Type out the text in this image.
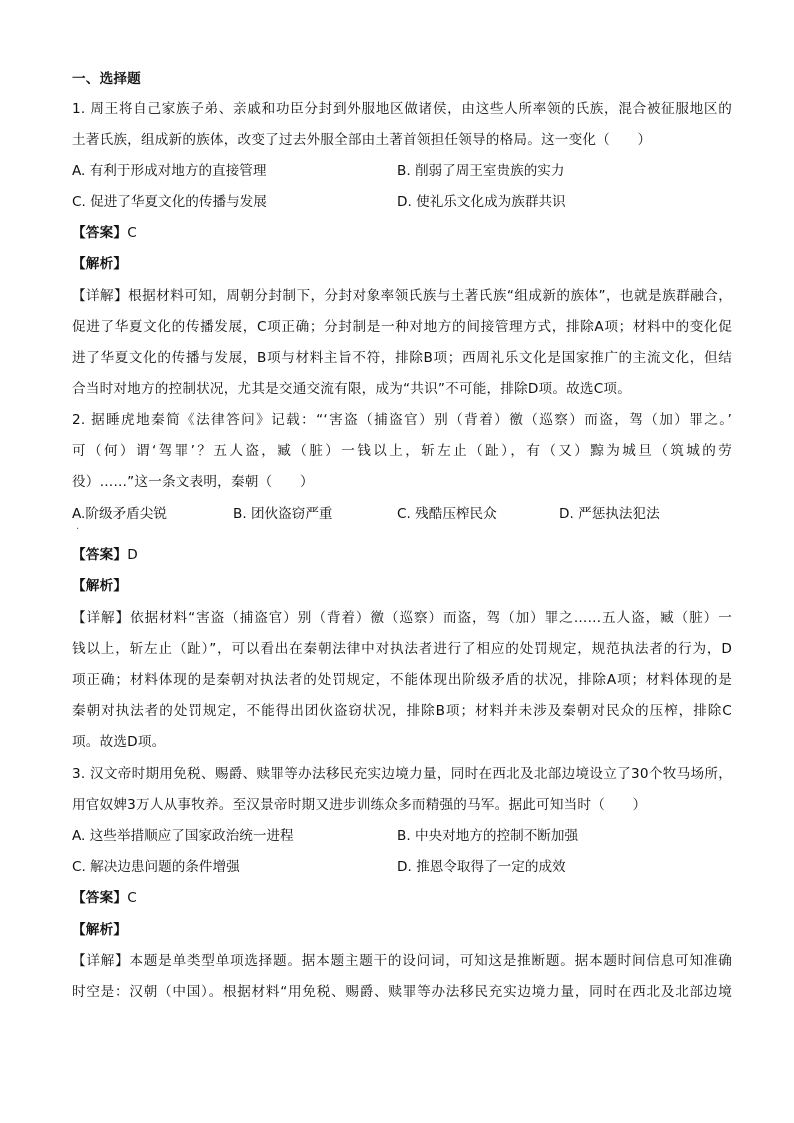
一、选择题
1. 周王将自己家族子弟、亲戚和功臣分封到外服地区做诸侯，由这些人所率领的氏族，混合被征服地区的
土著氏族，组成新的族体，改变了过去外服全部由土著首领担任领导的格局。这一变化（　　）
A. 有利于形成对地方的直接管理	B. 削弱了周王室贵族的实力
C. 促进了华夏文化的传播与发展	D. 使礼乐文化成为族群共识
【答案】C
【解析】
【详解】根据材料可知，周朝分封制下，分封对象率领氏族与土著氏族“组成新的族体”，也就是族群融合，
促进了华夏文化的传播发展，C项正确；分封制是一种对地方的间接管理方式，排除A项；材料中的变化促
进了华夏文化的传播与发展，B项与材料主旨不符，排除B项；西周礼乐文化是国家推广的主流文化，但结
合当时对地方的控制状况，尤其是交通交流有限，成为“共识”不可能，排除D项。故选C项。
2. 据睡虎地秦简《法律答问》记载：“‘害盗（捕盗官）别（背着）徼（巡察）而盗，驾（加）罪之。’
可（何）谓‘驾罪’？五人盗，臧（脏）一钱以上，斩左止（趾），有（又）黥为城旦（筑城的劳
役）……”这一条文表明，秦朝（　　）
A.阶级矛盾尖锐	B. 团伙盗窃严重	C. 残酷压榨民众	D. 严惩执法犯法
·
【答案】D
【解析】
【详解】依据材料“害盗（捕盗官）别（背着）徼（巡察）而盗，驾（加）罪之……五人盗，臧（脏）一
钱以上，斩左止（趾）”，可以看出在秦朝法律中对执法者进行了相应的处罚规定，规范执法者的行为，D
项正确；材料体现的是秦朝对执法者的处罚规定，不能体现出阶级矛盾的状况，排除A项；材料体现的是
秦朝对执法者的处罚规定，不能得出团伙盗窃状况，排除B项；材料并未涉及秦朝对民众的压榨，排除C
项。故选D项。
3. 汉文帝时期用免税、赐爵、赎罪等办法移民充实边境力量，同时在西北及北部边境设立了30个牧马场所，
用官奴婢3万人从事牧养。至汉景帝时期又进步训练众多而精强的马军。据此可知当时（　　）
A. 这些举措顺应了国家政治统一进程	B. 中央对地方的控制不断加强
C. 解决边患问题的条件增强	D. 推恩令取得了一定的成效
【答案】C
【解析】
【详解】本题是单类型单项选择题。据本题主题干的设问词，可知这是推断题。据本题时间信息可知准确
时空是：汉朝（中国）。根据材料“用免税、赐爵、赎罪等办法移民充实边境力量，同时在西北及北部边境
